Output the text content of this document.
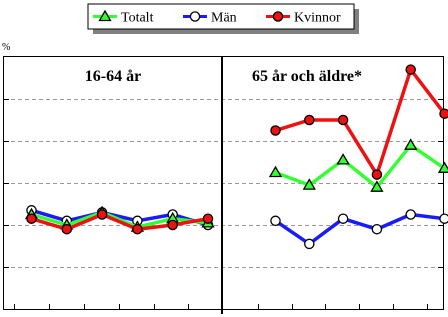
Totalt	Män	Kvinnor
%
16-64 år	65 år och äldre*
